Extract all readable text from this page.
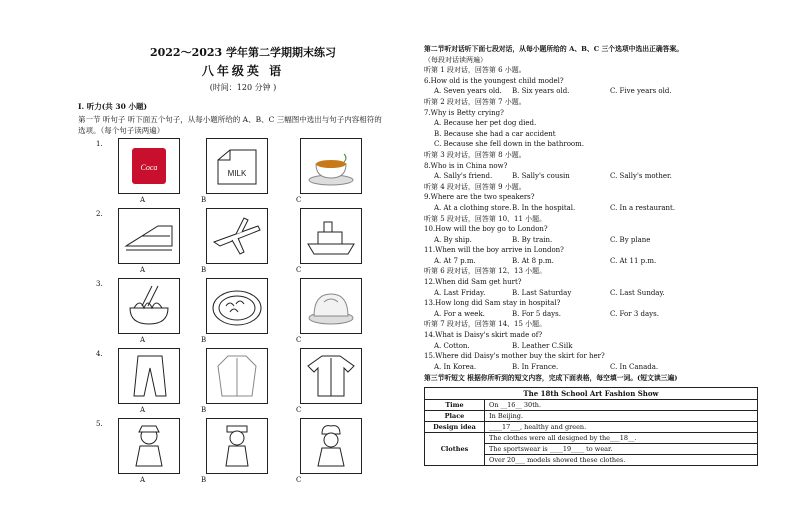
2022～2023 学年第二学期期末练习
八年级英 语
(时间：120 分钟 )
I. 听力(共 30 小题)
第一节 听句子 听下面五个句子，从每小题所给的 A、B、C 三幅图中选出与句子内容相符的选项。（每个句子读两遍）
1.
Coca
A
MILK
B	C
2.
A	B	C
3.
A	B	C
4.
A	B	C
5.
A	B	C
第二节听对话听下面七段对话，从每小题所给的 A、B、C 三个选项中选出正确答案。
（每段对话读两遍）
听第 1 段对话，回答第 6 小题。
6.How old is the youngest child model?
A. Seven years old. B. Six years old.	C. Five years old.
听第 2 段对话，回答第 7 小题。
7.Why is Betty crying?
A. Because her pet dog died.
B. Because she had a car accident
C. Because she fell down in the bathroom.
听第 3 段对话，回答第 8 小题。
8.Who is in China now?
A. Sally's friend.	B. Sally's cousin	C. Sally's mother.
听第 4 段对话，回答第 9 小题。
9.Where are the two speakers?
A. At a clothing store. B. In the hospital.	C. In a restaurant.
听第 5 段对话，回答第 10、11 小题。
10.How will the boy go to London?
A. By ship.	B. By train.	C. By plane
11.When will the boy arrive in London?
A. At 7 p.m.	B. At 8 p.m.	C. At 11 p.m.
听第 6 段对话，回答第 12、13 小题。
12.When did Sam get hurt?
A. Last Friday.	B. Last Saturday	C. Last Sunday.
13.How long did Sam stay in hospital?
A. For a week.	B. For 5 days.	C. For 3 days.
听第 7 段对话，回答第 14、15 小题。
14.What is Daisy's skirt made of?
A. Cotton.	B. Leather C.Silk
15.Where did Daisy's mother buy the skirt for her?
A. In Korea.	B. In France.	C. In Canada.
第三节听短文 根据你所听到的短文内容，完成下面表格，每空填一词。(短文读三遍)
The 18th School Art Fashion Show	
Time	On __16__ 30th.
Place	In Beijing.
Design idea	____17___, healthy and green.
Clothes	The clothes were all designed by the___18__.
	The sportswear is ____19____ to wear.
	Over 20___ models showed these clothes.
